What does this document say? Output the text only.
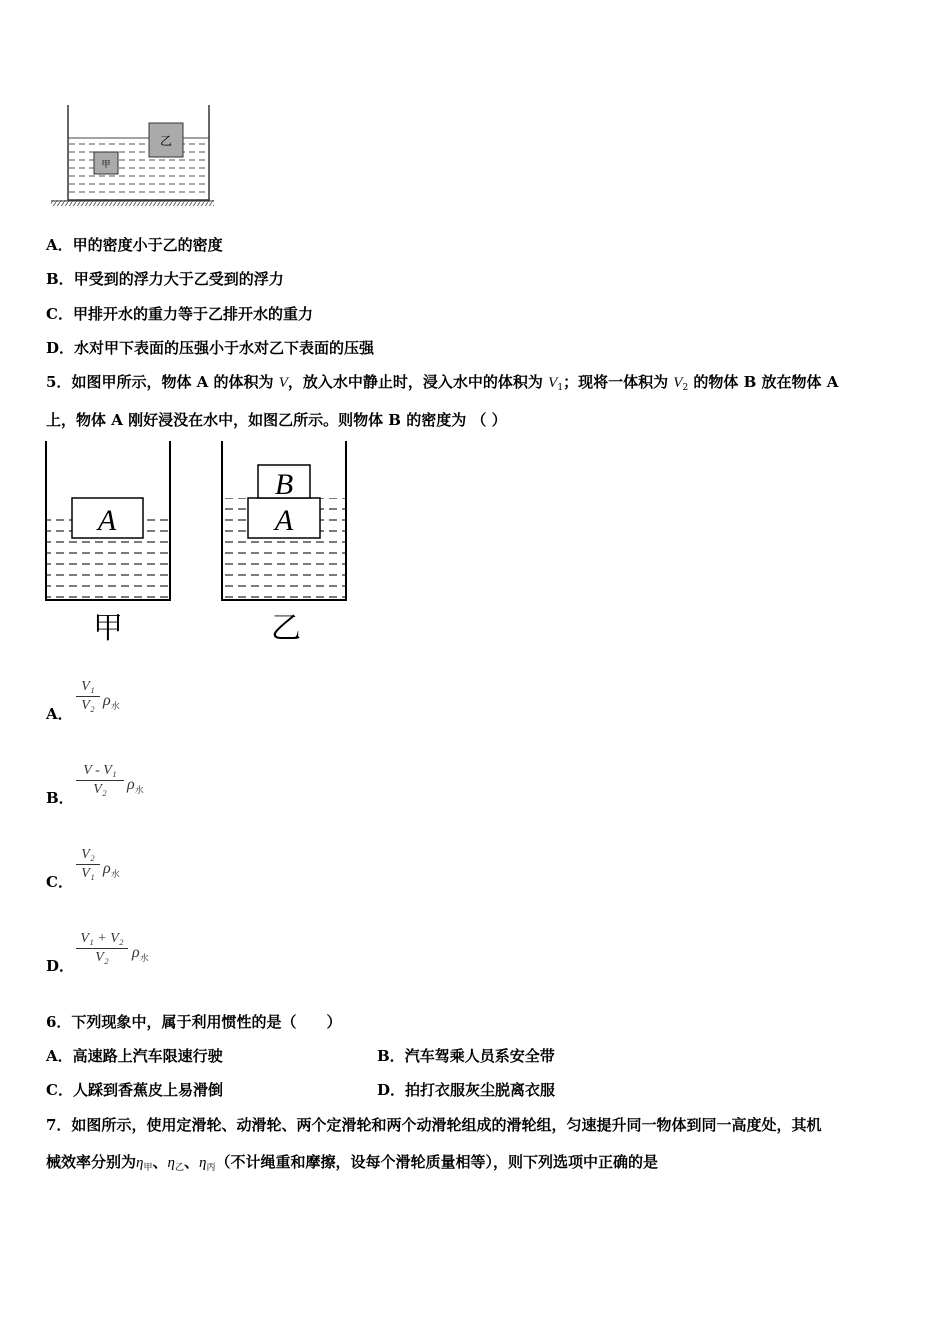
甲
乙
A．甲的密度小于乙的密度
B．甲受到的浮力大于乙受到的浮力
C．甲排开水的重力等于乙排开水的重力
D．水对甲下表面的压强小于水对乙下表面的压强
5．如图甲所示，物体 A 的体积为 V，放入水中静止时，浸入水中的体积为 $V_1$；现将一体积为 $V_2$ 的物体 B 放在物体 A
上，物体 A 刚好浸没在水中，如图乙所示。则物体 B 的密度为 （ ）
A
甲
A
B
乙
A．
V₁
V₂ $\rho_水$
B．
V - V₁
V₂	$\rho_水$
C．
V₂
V₁ $\rho_水$
D．
V₁ + V₂
V₂	$\rho_水$
6．下列现象中，属于利用惯性的是（　　）
A．高速路上汽车限速行驶	B．汽车驾乘人员系安全带
C．人踩到香蕉皮上易滑倒	D．拍打衣服灰尘脱离衣服
7．如图所示，使用定滑轮、动滑轮、两个定滑轮和两个动滑轮组成的滑轮组，匀速提升同一物体到同一高度处，其机
械效率分别为$\eta_甲$、$\eta_乙$、$\eta_丙$（不计绳重和摩擦，设每个滑轮质量相等），则下列选项中正确的是
